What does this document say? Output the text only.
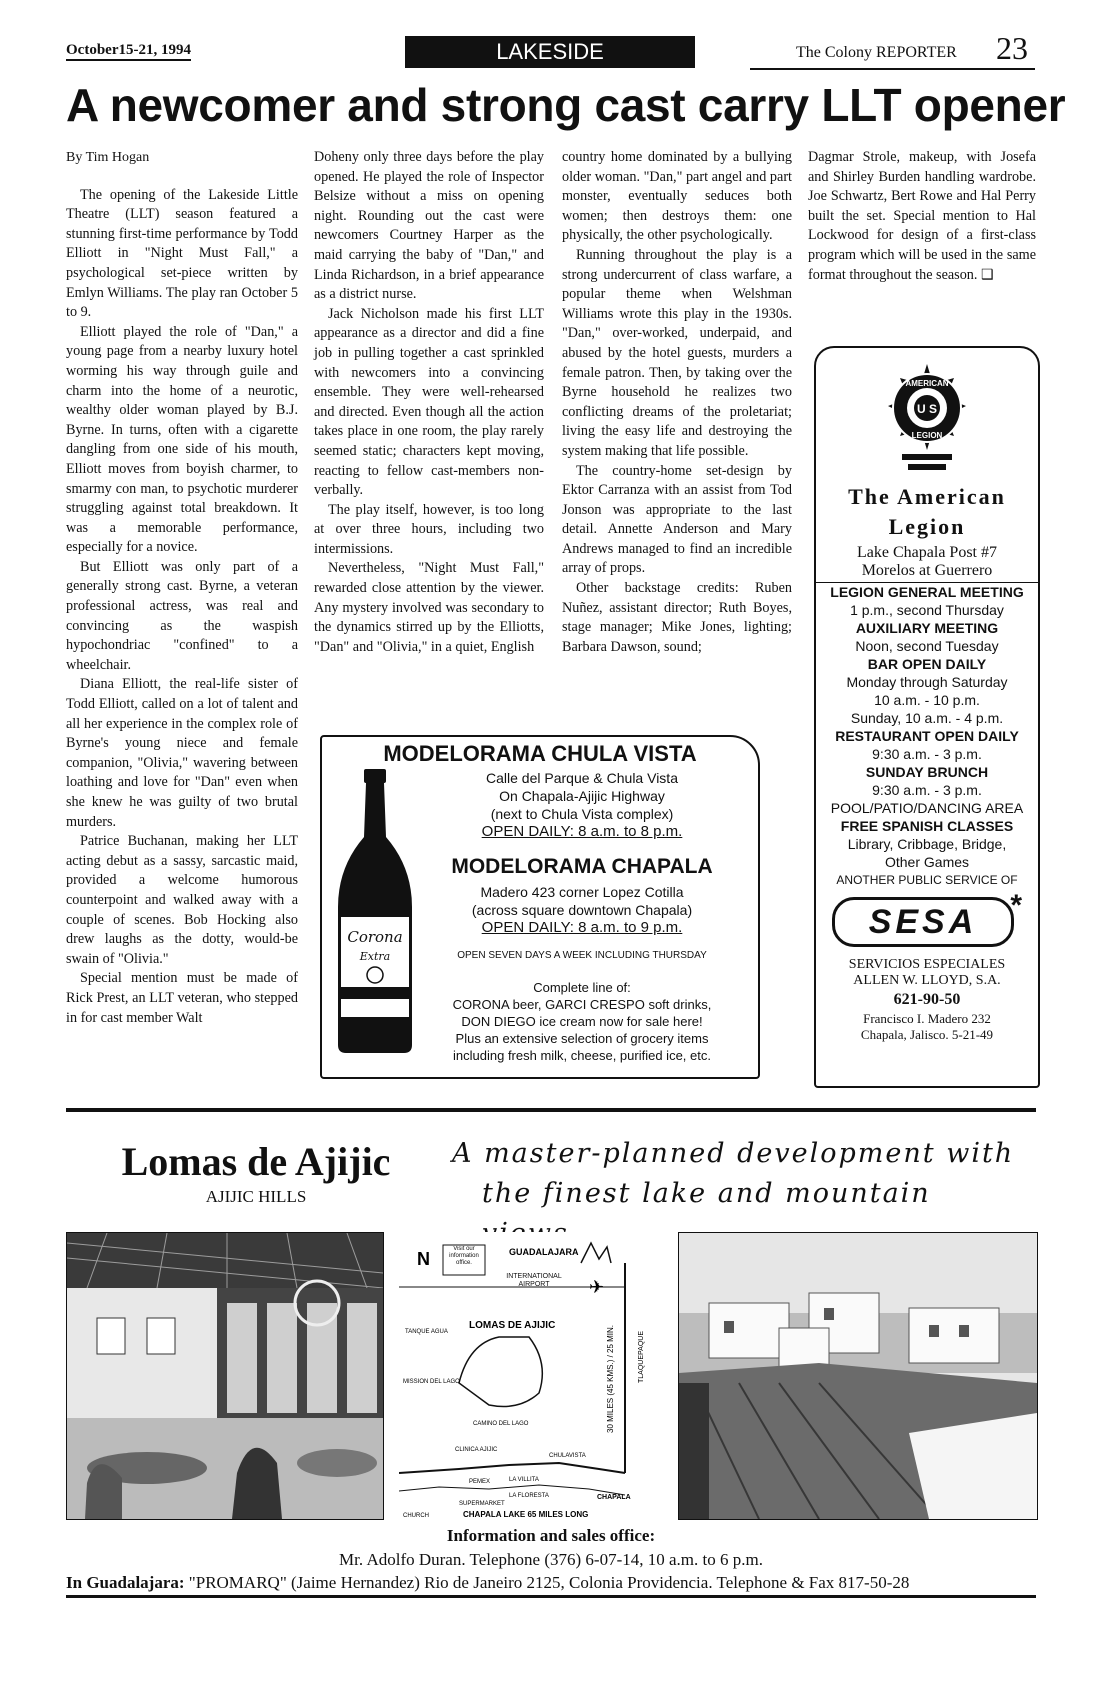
October15-21, 1994	LAKESIDE	The Colony REPORTER 23
A newcomer and strong cast carry LLT opener

By Tim Hogan

The opening of the Lakeside Little Theatre (LLT) season featured a stunning first-time performance by Todd Elliott in "Night Must Fall," a psychological set-piece written by Emlyn Williams. The play ran October 5 to 9.

Elliott played the role of "Dan," a young page from a nearby luxury hotel worming his way through guile and charm into the home of a neurotic, wealthy older woman played by B.J. Byrne. In turns, often with a cigarette dangling from one side of his mouth, Elliott moves from boyish charmer, to smarmy con man, to psychotic murderer struggling against total breakdown. It was a memorable performance, especially for a novice.

But Elliott was only part of a generally strong cast. Byrne, a veteran professional actress, was real and convincing as the waspish hypochondriac "confined" to a wheelchair.

Diana Elliott, the real-life sister of Todd Elliott, called on a lot of talent and all her experience in the complex role of Byrne's young niece and female companion, "Olivia," wavering between loathing and love for "Dan" even when she knew he was guilty of two brutal murders.

Patrice Buchanan, making her LLT acting debut as a sassy, sarcastic maid, provided a welcome humorous counterpoint and walked away with a couple of scenes. Bob Hocking also drew laughs as the dotty, would-be swain of "Olivia."

Special mention must be made of Rick Prest, an LLT veteran, who stepped in for cast member Walt

Doheny only three days before the play opened. He played the role of Inspector Belsize without a miss on opening night. Rounding out the cast were newcomers Courtney Harper as the maid carrying the baby of "Dan," and Linda Richardson, in a brief appearance as a district nurse.

Jack Nicholson made his first LLT appearance as a director and did a fine job in pulling together a cast sprinkled with newcomers into a convincing ensemble. They were well-rehearsed and directed. Even though all the action takes place in one room, the play rarely seemed static; characters kept moving, reacting to fellow cast-members non-verbally.

The play itself, however, is too long at over three hours, including two intermissions.

Nevertheless, "Night Must Fall," rewarded close attention by the viewer. Any mystery involved was secondary to the dynamics stirred up by the Elliotts, "Dan" and "Olivia," in a quiet, English

country home dominated by a bullying older woman. "Dan," part angel and part monster, eventually seduces both women; then destroys them: one physically, the other psychologically.

Running throughout the play is a strong undercurrent of class warfare, a popular theme when Welshman Williams wrote this play in the 1930s. "Dan," over-worked, underpaid, and abused by the hotel guests, murders a female patron. Then, by taking over the Byrne household he realizes two conflicting dreams of the proletariat; living the easy life and destroying the system making that life possible.

The country-home set-design by Ektor Carranza with an assist from Tod Jonson was appropriate to the last detail. Annette Anderson and Mary Andrews managed to find an incredible array of props.

Other backstage credits: Ruben Nuñez, assistant director; Ruth Boyes, stage manager; Mike Jones, lighting; Barbara Dawson, sound;

Dagmar Strole, makeup, with Josefa and Shirley Burden handling wardrobe. Joe Schwartz, Bert Rowe and Hal Perry built the set. Special mention to Hal Lockwood for design of a first-class program which will be used in the same format throughout the season. ❑

Corona
Extra
MODELORAMA CHULA VISTA
Calle del Parque & Chula Vista
On Chapala-Ajijic Highway
(next to Chula Vista complex)
OPEN DAILY: 8 a.m. to 8 p.m.
MODELORAMA CHAPALA
Madero 423 corner Lopez Cotilla
(across square downtown Chapala)
OPEN DAILY: 8 a.m. to 9 p.m.
OPEN SEVEN DAYS A WEEK INCLUDING THURSDAY
Complete line of:
CORONA beer, GARCI CRESPO soft drinks,
DON DIEGO ice cream now for sale here!
Plus an extensive selection of grocery items
including fresh milk, cheese, purified ice, etc.
U S
AMERICAN
LEGION
The American
Legion
Lake Chapala Post #7
Morelos at Guerrero
LEGION GENERAL MEETING
1 p.m., second Thursday
AUXILIARY MEETING
Noon, second Tuesday
BAR OPEN DAILY
Monday through Saturday
10 a.m. - 10 p.m.
Sunday, 10 a.m. - 4 p.m.
RESTAURANT OPEN DAILY
9:30 a.m. - 3 p.m.
SUNDAY BRUNCH
9:30 a.m. - 3 p.m.
POOL/PATIO/DANCING AREA
FREE SPANISH CLASSES
Library, Cribbage, Bridge,
Other Games
ANOTHER PUBLIC SERVICE OF
SESA	*
SERVICIOS ESPECIALES
ALLEN W. LLOYD, S.A.
621-90-50
Francisco I. Madero 232
Chapala, Jalisco. 5-21-49
Lomas de Ajijic
AJIJIC HILLS
A master-planned development with
the finest lake and mountain
N	Visit our information office.
GUADALAJARA
INTERNATIONAL AIRPORT	✈
30 MILES (45 KMS.) / 25 MIN.	TLAQUEPAQUE
LOMAS DE AJIJIC
TANQUE AGUA
MISSION DEL LAGO
CAMINO DEL LAGO
CLINICA AJIJIC
PEMEX	LA VILLITA
CHULAVISTA
LA FLORESTA
SUPERMARKET
CHURCH
CHAPALA
CHAPALA LAKE 65 MILES LONG
Information and sales office:
Mr. Adolfo Duran. Telephone (376) 6-07-14, 10 a.m. to 6 p.m.
In Guadalajara: "PROMARQ" (Jaime Hernandez) Rio de Janeiro 2125, Colonia Providencia. Telephone & Fax 817-50-28
